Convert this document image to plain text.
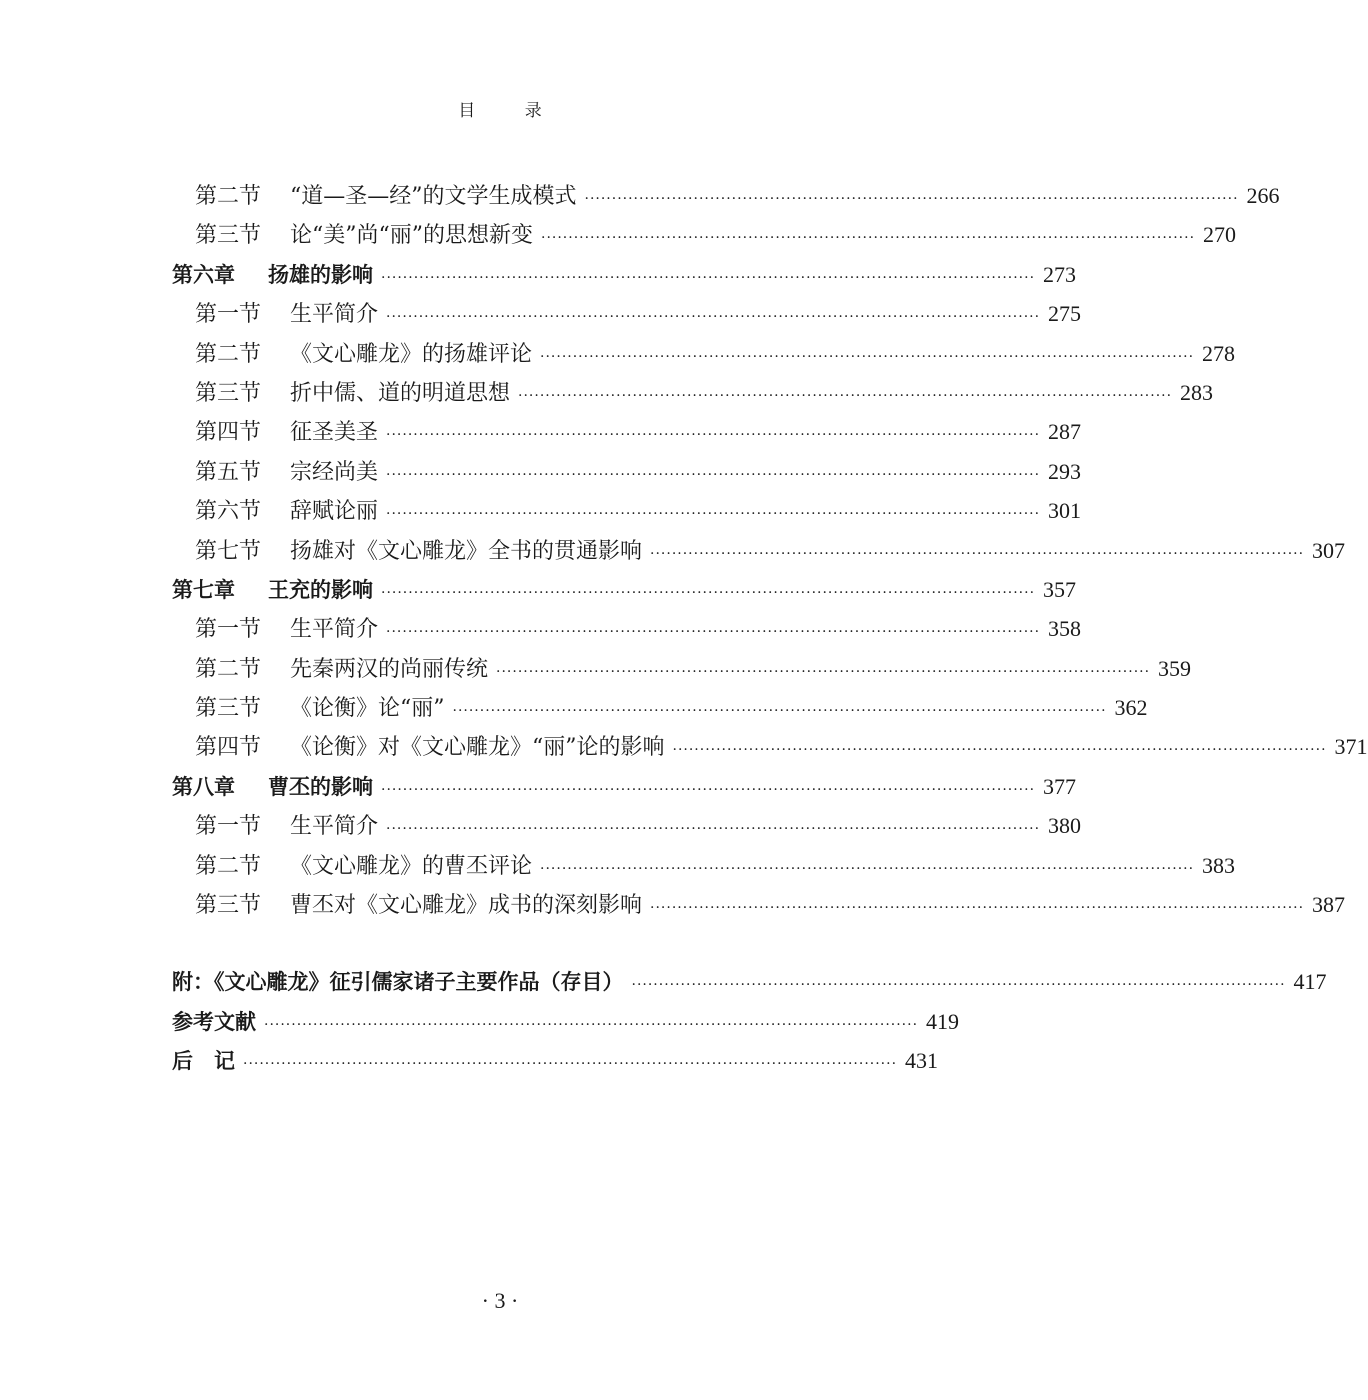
目 录
第二节 “道—圣—经”的文学生成模式 ························································································································ 266
第三节 论“美”尚“丽”的思想新变 ························································································································ 270
第六章 扬雄的影响 ························································································································ 273
第一节 生平简介 ························································································································ 275
第二节 《文心雕龙》的扬雄评论 ························································································································ 278
第三节 折中儒、道的明道思想 ························································································································ 283
第四节 征圣美圣 ························································································································ 287
第五节 宗经尚美 ························································································································ 293
第六节 辞赋论丽 ························································································································ 301
第七节 扬雄对《文心雕龙》全书的贯通影响 ························································································································ 307
第七章 王充的影响 ························································································································ 357
第一节 生平简介 ························································································································ 358
第二节 先秦两汉的尚丽传统 ························································································································ 359
第三节 《论衡》论“丽” ························································································································ 362
第四节 《论衡》对《文心雕龙》“丽”论的影响 ························································································································ 371
第八章 曹丕的影响 ························································································································ 377
第一节 生平简介 ························································································································ 380
第二节 《文心雕龙》的曹丕评论 ························································································································ 383
第三节 曹丕对《文心雕龙》成书的深刻影响 ························································································································ 387
附：《文心雕龙》征引儒家诸子主要作品（存目） ························································································································ 417
参考文献 ························································································································ 419
后　记 ························································································································ 431
· 3 ·
